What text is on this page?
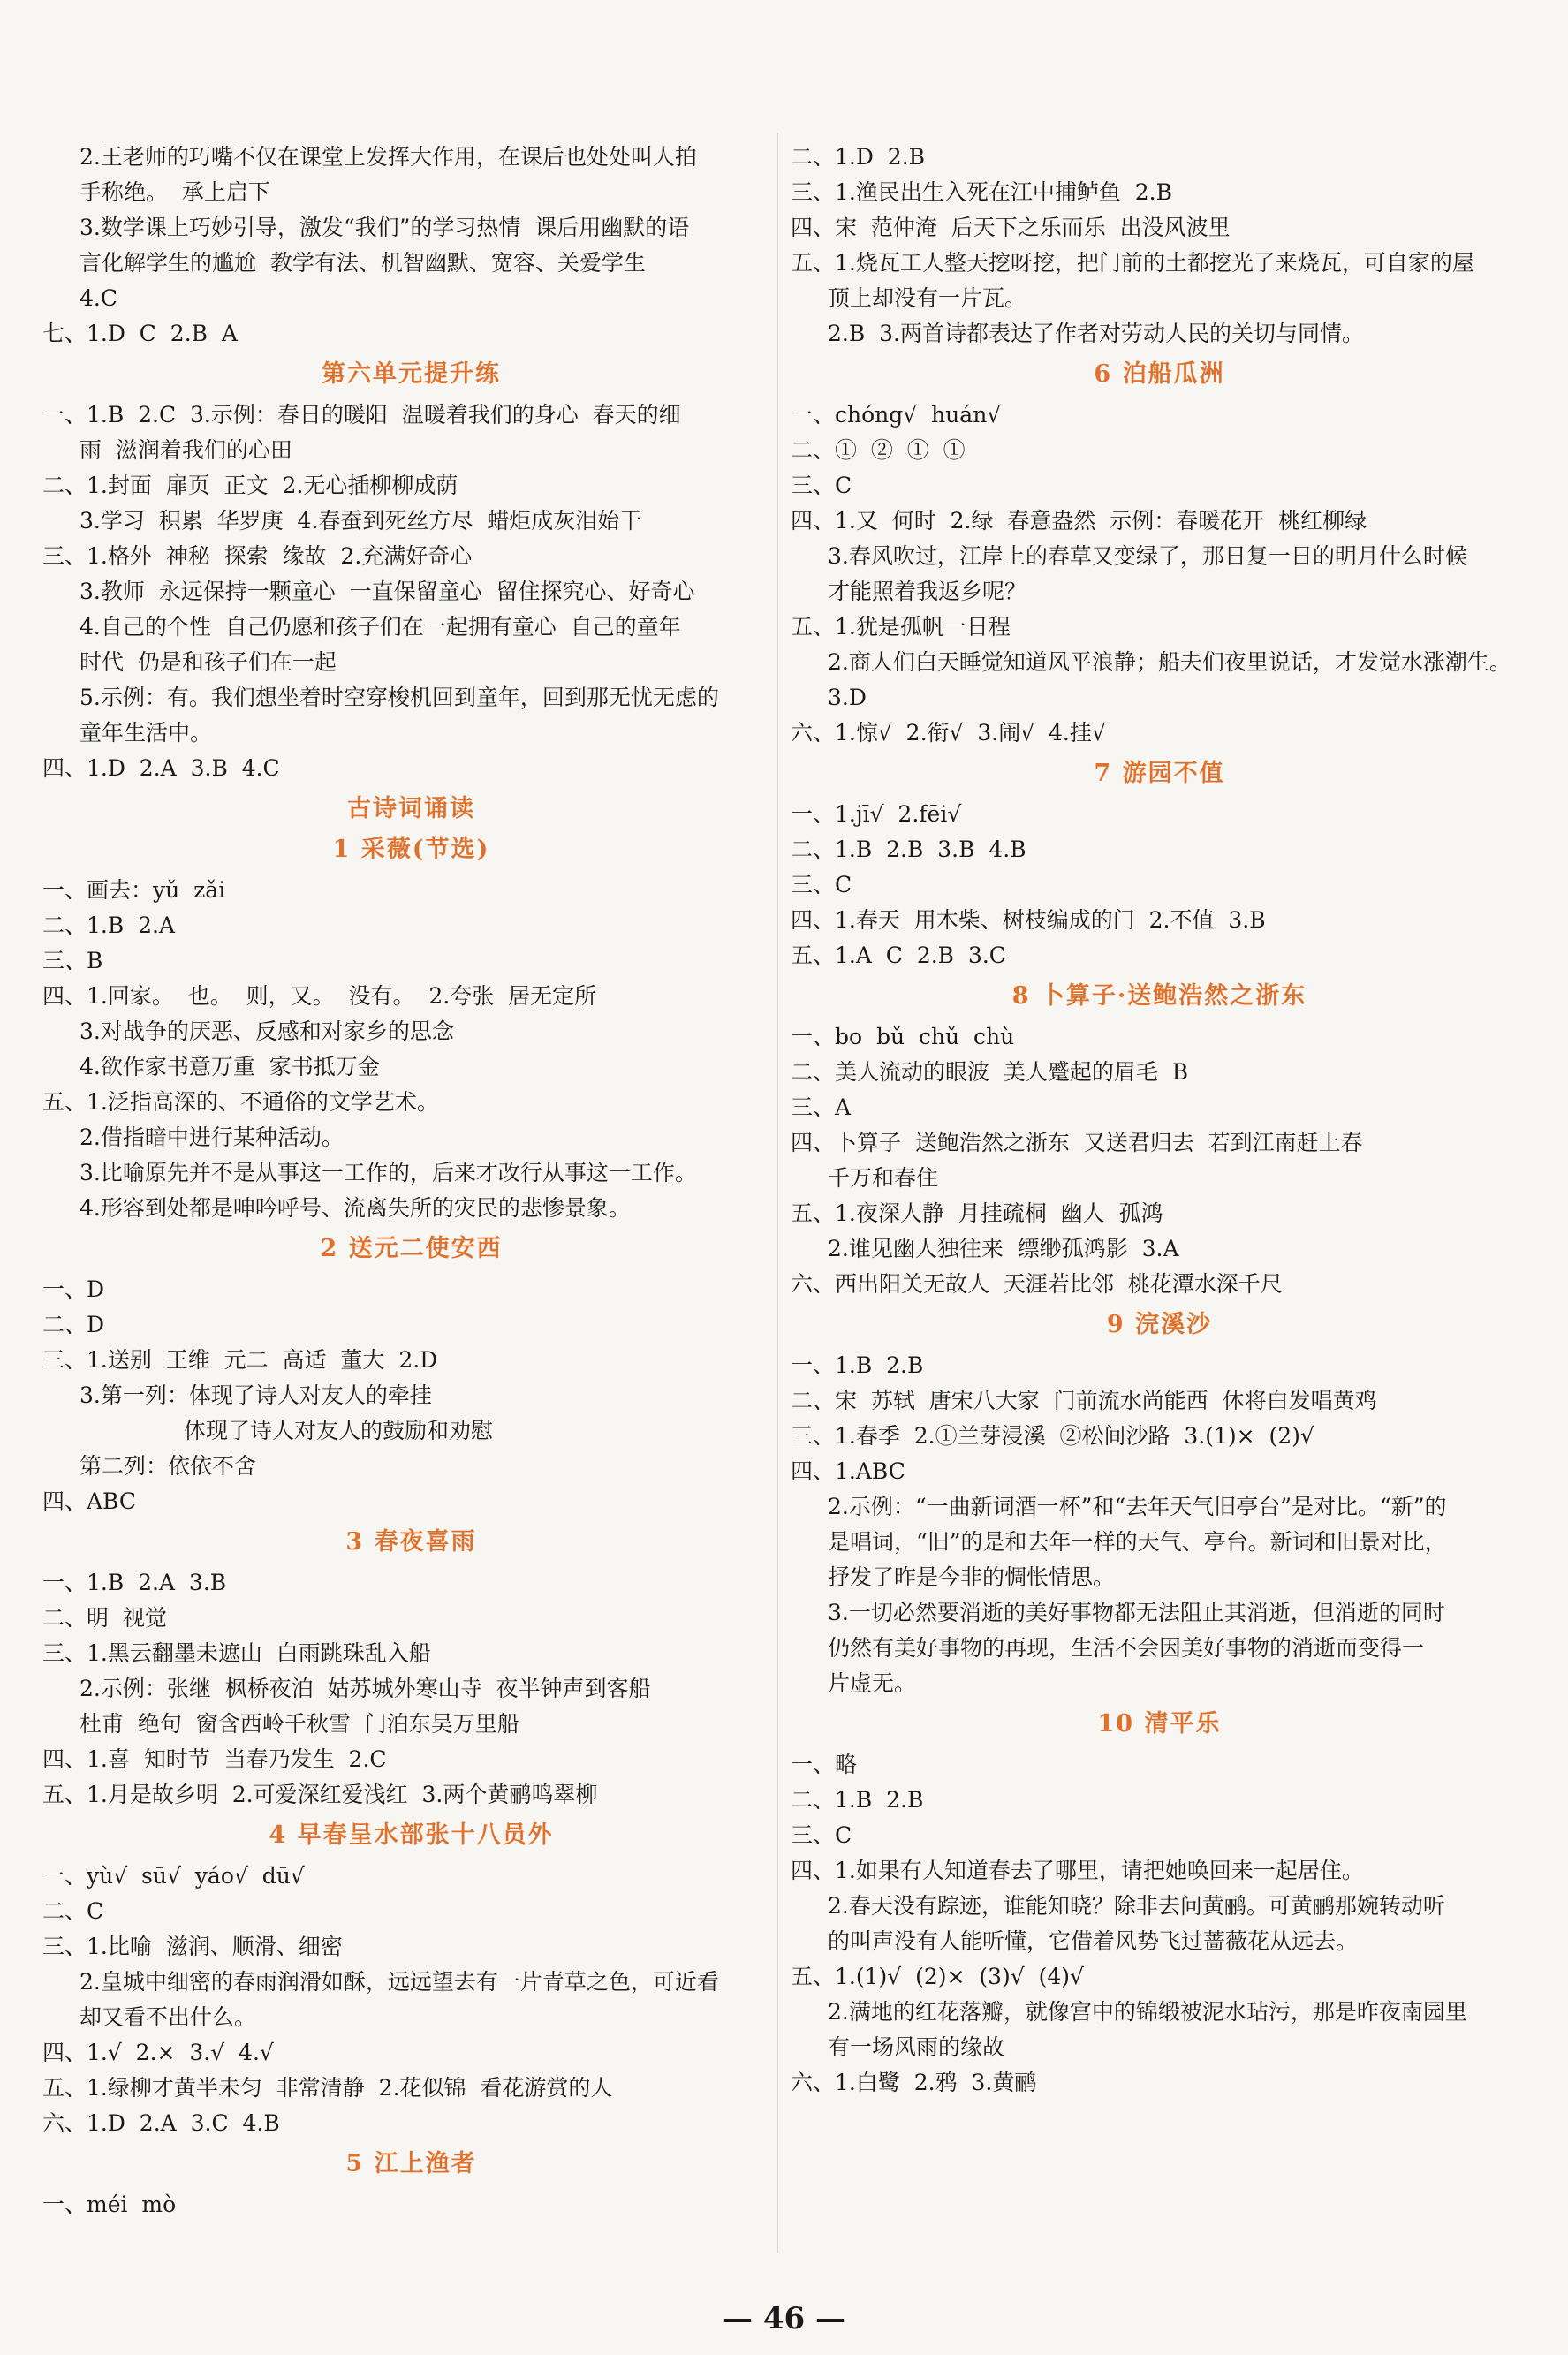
2.王老师的巧嘴不仅在课堂上发挥大作用，在课后也处处叫人拍
手称绝。  承上启下
3.数学课上巧妙引导，激发“我们”的学习热情  课后用幽默的语
言化解学生的尴尬  教学有法、机智幽默、宽容、关爱学生
4.C
七、1.D  C  2.B  A
第六单元提升练
一、1.B  2.C  3.示例：春日的暖阳  温暖着我们的身心  春天的细
雨  滋润着我们的心田
二、1.封面  扉页  正文  2.无心插柳柳成荫
3.学习  积累  华罗庚  4.春蚕到死丝方尽  蜡炬成灰泪始干
三、1.格外  神秘  探索  缘故  2.充满好奇心
3.教师  永远保持一颗童心  一直保留童心  留住探究心、好奇心
4.自己的个性  自己仍愿和孩子们在一起拥有童心  自己的童年
时代  仍是和孩子们在一起
5.示例：有。我们想坐着时空穿梭机回到童年，回到那无忧无虑的
童年生活中。
四、1.D  2.A  3.B  4.C
古诗词诵读
1 采薇(节选)
一、画去：yǔ  zǎi
二、1.B  2.A
三、B
四、1.回家。  也。  则，又。  没有。  2.夸张  居无定所
3.对战争的厌恶、反感和对家乡的思念
4.欲作家书意万重  家书抵万金
五、1.泛指高深的、不通俗的文学艺术。
2.借指暗中进行某种活动。
3.比喻原先并不是从事这一工作的，后来才改行从事这一工作。
4.形容到处都是呻吟呼号、流离失所的灾民的悲惨景象。
2 送元二使安西
一、D
二、D
三、1.送别  王维  元二  高适  董大  2.D
3.第一列：体现了诗人对友人的牵挂
体现了诗人对友人的鼓励和劝慰
第二列：依依不舍
四、ABC
3 春夜喜雨
一、1.B  2.A  3.B
二、明  视觉
三、1.黑云翻墨未遮山  白雨跳珠乱入船
2.示例：张继  枫桥夜泊  姑苏城外寒山寺  夜半钟声到客船
杜甫  绝句  窗含西岭千秋雪  门泊东吴万里船
四、1.喜  知时节  当春乃发生  2.C
五、1.月是故乡明  2.可爱深红爱浅红  3.两个黄鹂鸣翠柳
4 早春呈水部张十八员外
一、yù√  sū√  yáo√  dū√
二、C
三、1.比喻  滋润、顺滑、细密
2.皇城中细密的春雨润滑如酥，远远望去有一片青草之色，可近看
却又看不出什么。
四、1.√  2.×  3.√  4.√
五、1.绿柳才黄半未匀  非常清静  2.花似锦  看花游赏的人
六、1.D  2.A  3.C  4.B
5 江上渔者
一、méi  mò
二、1.D  2.B
三、1.渔民出生入死在江中捕鲈鱼  2.B
四、宋  范仲淹  后天下之乐而乐  出没风波里
五、1.烧瓦工人整天挖呀挖，把门前的土都挖光了来烧瓦，可自家的屋
顶上却没有一片瓦。
2.B  3.两首诗都表达了作者对劳动人民的关切与同情。
6 泊船瓜洲
一、chóng√  huán√
二、①  ②  ①  ①
三、C
四、1.又  何时  2.绿  春意盎然  示例：春暖花开  桃红柳绿
3.春风吹过，江岸上的春草又变绿了，那日复一日的明月什么时候
才能照着我返乡呢？
五、1.犹是孤帆一日程
2.商人们白天睡觉知道风平浪静；船夫们夜里说话，才发觉水涨潮生。
3.D
六、1.惊√  2.衔√  3.闹√  4.挂√
7 游园不值
一、1.jī√  2.fēi√
二、1.B  2.B  3.B  4.B
三、C
四、1.春天  用木柴、树枝编成的门  2.不值  3.B
五、1.A  C  2.B  3.C
8 卜算子·送鲍浩然之浙东
一、bo  bǔ  chǔ  chù
二、美人流动的眼波  美人蹙起的眉毛  B
三、A
四、卜算子  送鲍浩然之浙东  又送君归去  若到江南赶上春
千万和春住
五、1.夜深人静  月挂疏桐  幽人  孤鸿
2.谁见幽人独往来  缥缈孤鸿影  3.A
六、西出阳关无故人  天涯若比邻  桃花潭水深千尺
9 浣溪沙
一、1.B  2.B
二、宋  苏轼  唐宋八大家  门前流水尚能西  休将白发唱黄鸡
三、1.春季  2.①兰芽浸溪  ②松间沙路  3.(1)×  (2)√
四、1.ABC
2.示例：“一曲新词酒一杯”和“去年天气旧亭台”是对比。“新”的
是唱词，“旧”的是和去年一样的天气、亭台。新词和旧景对比，
抒发了昨是今非的惆怅情思。
3.一切必然要消逝的美好事物都无法阻止其消逝，但消逝的同时
仍然有美好事物的再现，生活不会因美好事物的消逝而变得一
片虚无。
10 清平乐
一、略
二、1.B  2.B
三、C
四、1.如果有人知道春去了哪里，请把她唤回来一起居住。
2.春天没有踪迹，谁能知晓？除非去问黄鹂。可黄鹂那婉转动听
的叫声没有人能听懂，它借着风势飞过蔷薇花从远去。
五、1.(1)√  (2)×  (3)√  (4)√
2.满地的红花落瓣，就像宫中的锦缎被泥水玷污，那是昨夜南园里
有一场风雨的缘故
六、1.白鹭  2.鸦  3.黄鹂
— 46 —
